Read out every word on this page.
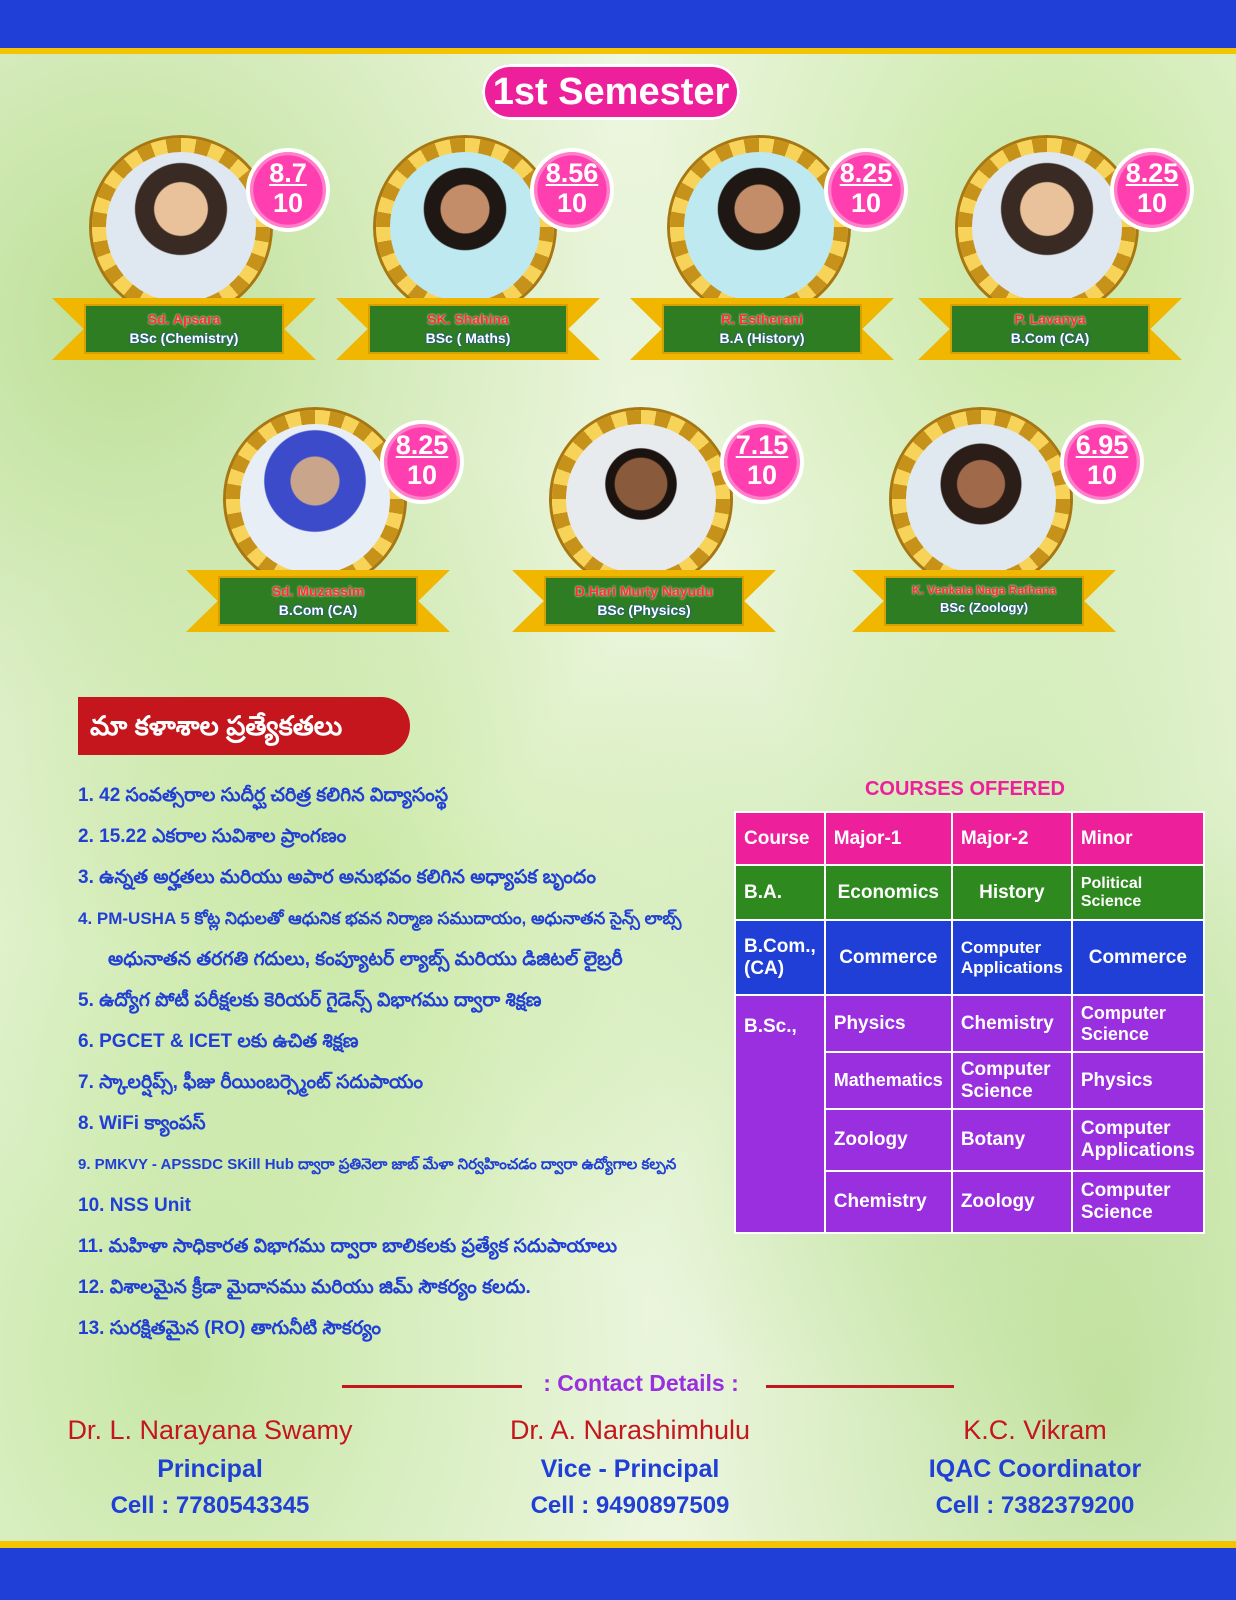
1st Semester
$\frac{8.7}{10}$
Sd. Apsara
BSc (Chemistry)
$\frac{8.56}{10}$
SK. Shahina
BSc ( Maths)
$\frac{8.25}{10}$
R. Estherani
B.A (History)
$\frac{8.25}{10}$
P. Lavanya
B.Com (CA)
$\frac{8.25}{10}$
Sd. Muzassim
B.Com (CA)
$\frac{7.15}{10}$
D.Hari Murty Nayudu
BSc (Physics)
$\frac{6.95}{10}$
K. Venkata Naga Rathana
BSc (Zoology)
మా కళాశాల ప్రత్యేకతలు
1. 42 సంవత్సరాల సుదీర్ఘ చరిత్ర కలిగిన విద్యాసంస్థ
2. 15.22 ఎకరాల సువిశాల ప్రాంగణం
3. ఉన్నత అర్హతలు మరియు అపార అనుభవం కలిగిన అధ్యాపక బృందం
4. PM-USHA 5 కోట్ల నిధులతో ఆధునిక భవన నిర్మాణ సముదాయం, అధునాతన సైన్స్ లాబ్స్
అధునాతన తరగతి గదులు, కంప్యూటర్ ల్యాబ్స్ మరియు డిజిటల్ లైబ్రరీ
5. ఉద్యోగ పోటీ పరీక్షలకు కెరియర్ గైడెన్స్ విభాగము ద్వారా శిక్షణ
6. PGCET & ICET లకు ఉచిత శిక్షణ
7. స్కాలర్షిప్స్, ఫీజు రీయింబర్స్మెంట్ సదుపాయం
8. WiFi క్యాంపస్
9. PMKVY - APSSDC SKill Hub ద్వారా ప్రతినెలా జాబ్ మేళా నిర్వహించడం ద్వారా ఉద్యోగాల కల్పన
10. NSS Unit
11. మహిళా సాధికారత విభాగము ద్వారా బాలికలకు ప్రత్యేక సదుపాయాలు
12. విశాలమైన క్రీడా మైదానము మరియు జిమ్ సౌకర్యం కలదు.
13. సురక్షితమైన (RO) తాగునీటి సౌకర్యం
COURSES OFFERED
Course	Major-1	Major-2	Minor
B.A.	Economics	History	Political Science
B.Com., (CA)	Commerce	Computer Applications	Commerce
B.Sc.,	Physics	Chemistry	Computer Science
	Mathematics	Computer Science	Physics
	Zoology	Botany	Computer Applications
	Chemistry	Zoology	Computer Science
: Contact Details :
Dr. L. Narayana Swamy
Principal
Cell : 7780543345
Dr. A. Narashimhulu
Vice - Principal
Cell : 9490897509
K.C. Vikram
IQAC Coordinator
Cell : 7382379200
